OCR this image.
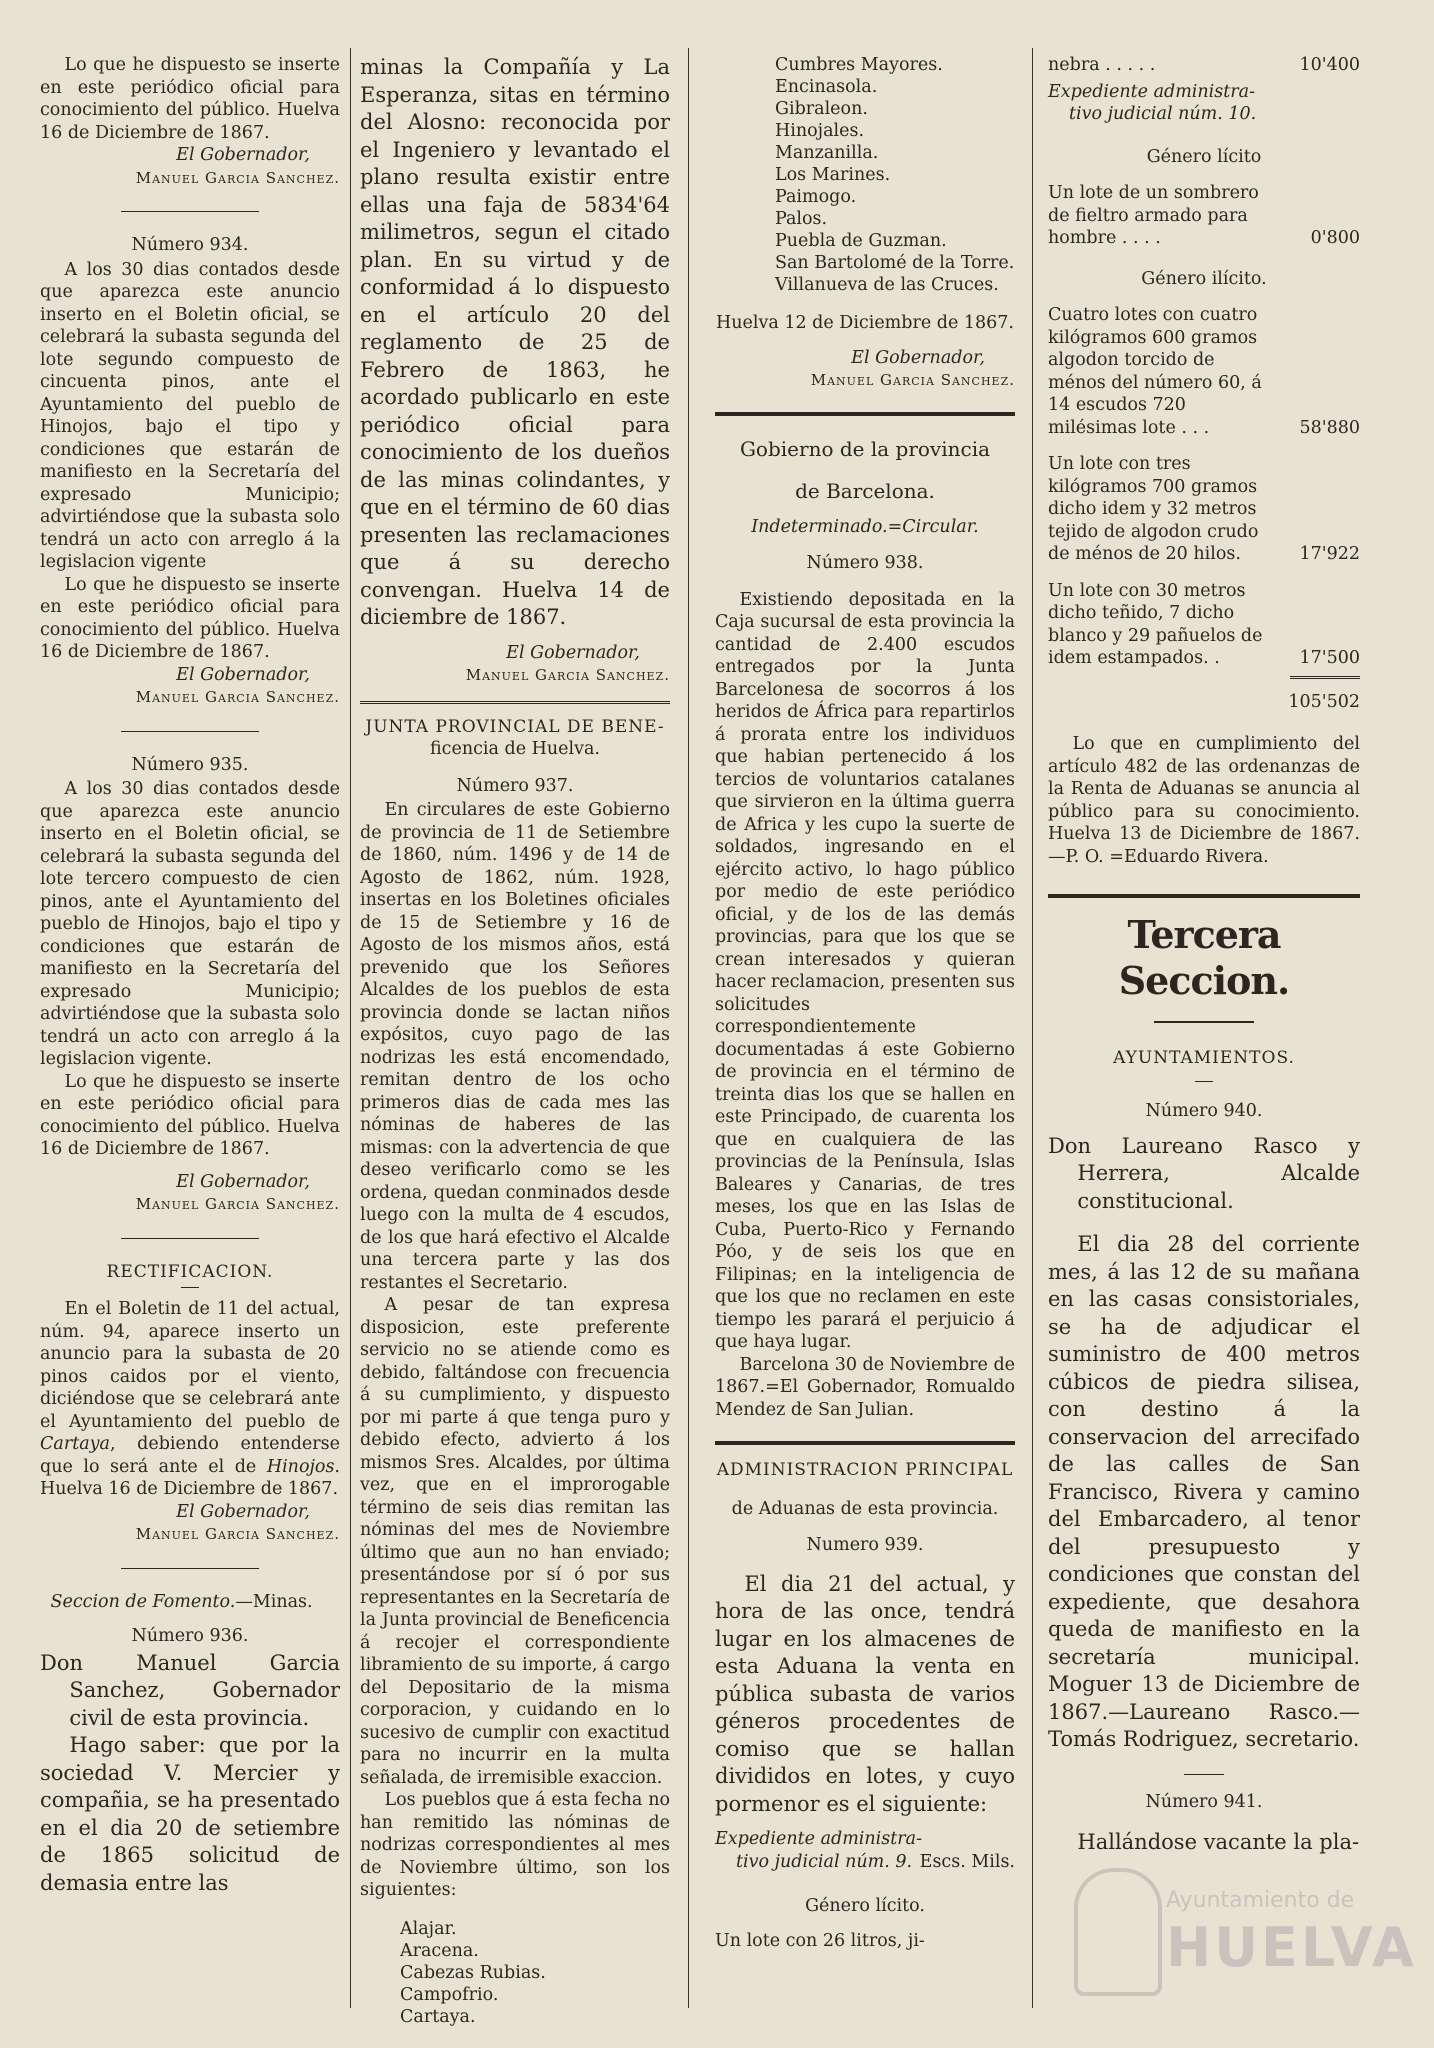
Lo que he dispuesto se inserte en este periódico oficial para conocimiento del público. Huelva 16 de Diciembre de 1867.

El Gobernador,
Manuel Garcia Sanchez.
Número 934.

A los 30 dias contados desde que aparezca este anuncio inserto en el Boletin oficial, se celebrará la subasta segunda del lote segundo compuesto de cincuenta pinos, ante el Ayuntamiento del pueblo de Hinojos, bajo el tipo y condiciones que estarán de manifiesto en la Secretaría del expresado Municipio; advirtiéndose que la subasta solo tendrá un acto con arreglo á la legislacion vigente

Lo que he dispuesto se inserte en este periódico oficial para conocimiento del público. Huelva 16 de Diciembre de 1867.

El Gobernador,
Manuel Garcia Sanchez.
Número 935.

A los 30 dias contados desde que aparezca este anuncio inserto en el Boletin oficial, se celebrará la subasta segunda del lote tercero compuesto de cien pinos, ante el Ayuntamiento del pueblo de Hinojos, bajo el tipo y condiciones que estarán de manifiesto en la Secretaría del expresado Municipio; advirtiéndose que la subasta solo tendrá un acto con arreglo á la legislacion vigente.

Lo que he dispuesto se inserte en este periódico oficial para conocimiento del público. Huelva 16 de Diciembre de 1867.

El Gobernador,
Manuel Garcia Sanchez.
RECTIFICACION.

En el Boletin de 11 del actual, núm. 94, aparece inserto un anuncio para la subasta de 20 pinos caidos por el viento, diciéndose que se celebrará ante el Ayuntamiento del pueblo de Cartaya, debiendo entenderse que lo será ante el de Hinojos. Huelva 16 de Diciembre de 1867.

El Gobernador,
Manuel Garcia Sanchez.

Seccion de Fomento.—Minas.

Número 936.

Don Manuel Garcia Sanchez, Gobernador civil de esta provincia.

Hago saber: que por la sociedad V. Mercier y compañia, se ha presentado en el dia 20 de setiembre de 1865 solicitud de demasia entre las

minas la Compañía y La Esperanza, sitas en término del Alosno: reconocida por el Ingeniero y levantado el plano resulta existir entre ellas una faja de 5834'64 milimetros, segun el citado plan. En su virtud y de conformidad á lo dispuesto en el artículo 20 del reglamento de 25 de Febrero de 1863, he acordado publicarlo en este periódico oficial para conocimiento de los dueños de las minas colindantes, y que en el término de 60 dias presenten las reclamaciones que á su derecho convengan. Huelva 14 de diciembre de 1867.

El Gobernador,
Manuel Garcia Sanchez.
JUNTA PROVINCIAL DE BENE-
ficencia de Huelva.
Número 937.

En circulares de este Gobierno de provincia de 11 de Setiembre de 1860, núm. 1496 y de 14 de Agosto de 1862, núm. 1928, insertas en los Boletines oficiales de 15 de Setiembre y 16 de Agosto de los mismos años, está prevenido que los Señores Alcaldes de los pueblos de esta provincia donde se lactan niños expósitos, cuyo pago de las nodrizas les está encomendado, remitan dentro de los ocho primeros dias de cada mes las nóminas de haberes de las mismas: con la advertencia de que deseo verificarlo como se les ordena, quedan conminados desde luego con la multa de 4 escudos, de los que hará efectivo el Alcalde una tercera parte y las dos restantes el Secretario.

A pesar de tan expresa disposicion, este preferente servicio no se atiende como es debido, faltándose con frecuencia á su cumplimiento, y dispuesto por mi parte á que tenga puro y debido efecto, advierto á los mismos Sres. Alcaldes, por última vez, que en el improrogable término de seis dias remitan las nóminas del mes de Noviembre último que aun no han enviado; presentándose por sí ó por sus representantes en la Secretaría de la Junta provincial de Beneficencia á recojer el correspondiente libramiento de su importe, á cargo del Depositario de la misma corporacion, y cuidando en lo sucesivo de cumplir con exactitud para no incurrir en la multa señalada, de irremisible exaccion.

Los pueblos que á esta fecha no han remitido las nóminas de nodrizas correspondientes al mes de Noviembre último, son los siguientes:

Alajar.
Aracena.
Cabezas Rubias.
Campofrio.
Cartaya.
Cumbres Mayores.
Encinasola.
Gibraleon.
Hinojales.
Manzanilla.
Los Marines.
Paimogo.
Palos.
Puebla de Guzman.
San Bartolomé de la Torre.
Villanueva de las Cruces.
Huelva 12 de Diciembre de 1867.
El Gobernador,
Manuel Garcia Sanchez.
Gobierno de la provincia
de Barcelona.
Indeterminado.=Circular.
Número 938.

Existiendo depositada en la Caja sucursal de esta provincia la cantidad de 2.400 escudos entregados por la Junta Barcelonesa de socorros á los heridos de África para repartirlos á prorata entre los individuos que habian pertenecido á los tercios de voluntarios catalanes que sirvieron en la última guerra de Africa y les cupo la suerte de soldados, ingresando en el ejército activo, lo hago público por medio de este periódico oficial, y de los de las demás provincias, para que los que se crean interesados y quieran hacer reclamacion, presenten sus solicitudes correspondientemente documentadas á este Gobierno de provincia en el término de treinta dias los que se hallen en este Principado, de cuarenta los que en cualquiera de las provincias de la Península, Islas Baleares y Canarias, de tres meses, los que en las Islas de Cuba, Puerto-Rico y Fernando Póo, y de seis los que en Filipinas; en la inteligencia de que los que no reclamen en este tiempo les parará el perjuicio á que haya lugar.

Barcelona 30 de Noviembre de 1867.=El Gobernador, Romualdo Mendez de San Julian.

ADMINISTRACION PRINCIPAL
de Aduanas de esta provincia.
Numero 939.

El dia 21 del actual, y hora de las once, tendrá lugar en los almacenes de esta Aduana la venta en pública subasta de varios géneros procedentes de comiso que se hallan divididos en lotes, y cuyo pormenor es el siguiente:

Expediente administra-
tivo judicial núm. 9. Escs. Mils.
Género lícito.
Un lote con 26 litros, ji-
nebra . . . . .	10'400
Expediente administra-
tivo judicial núm. 10.
Género lícito
Un lote de un sombrero de fieltro armado para hombre . . . .	0'800
Género ilícito.
Cuatro lotes con cuatro kilógramos 600 gramos algodon torcido de ménos del número 60, á 14 escudos 720 milésimas lote . . .	58'880
Un lote con tres kilógramos 700 gramos dicho idem y 32 metros tejido de algodon crudo de ménos de 20 hilos.	17'922
Un lote con 30 metros dicho teñido, 7 dicho blanco y 29 pañuelos de idem estampados. .	17'500
105'502

Lo que en cumplimiento del artículo 482 de las ordenanzas de la Renta de Aduanas se anuncia al público para su conocimiento. Huelva 13 de Diciembre de 1867.—P. O. =Eduardo Rivera.

Tercera Seccion.
AYUNTAMIENTOS.
Número 940.

Don Laureano Rasco y Herrera, Alcalde constitucional.

El dia 28 del corriente mes, á las 12 de su mañana en las casas consistoriales, se ha de adjudicar el suministro de 400 metros cúbicos de piedra silisea, con destino á la conservacion del arrecifado de las calles de San Francisco, Rivera y camino del Embarcadero, al tenor del presupuesto y condiciones que constan del expediente, que desahora queda de manifiesto en la secretaría municipal. Moguer 13 de Diciembre de 1867.—Laureano Rasco.—Tomás Rodriguez, secretario.

Número 941.

Hallándose vacante la pla-

Ayuntamiento de
HUELVA
